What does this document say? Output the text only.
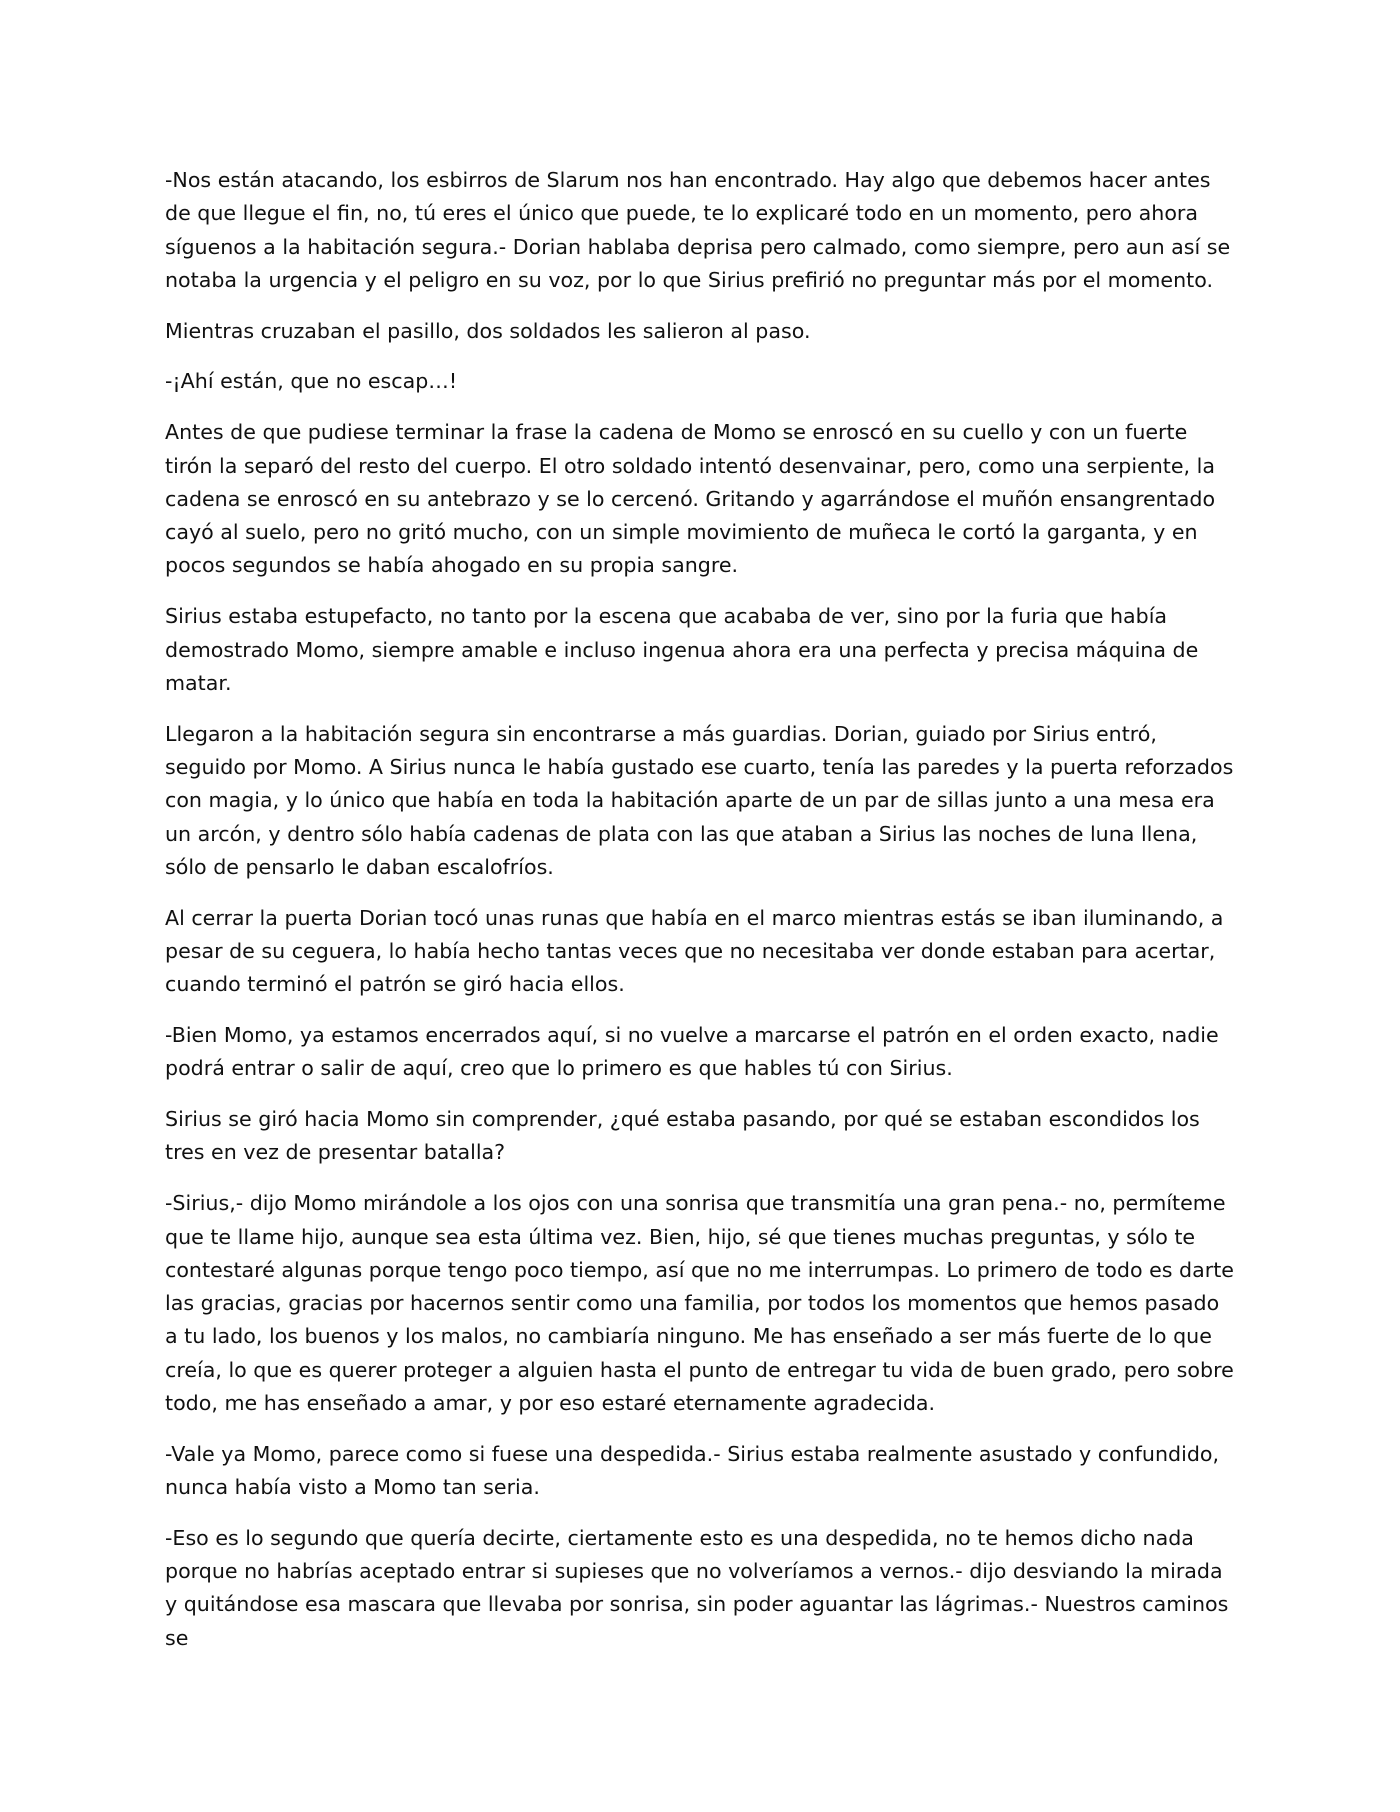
-Nos están atacando, los esbirros de Slarum nos han encontrado. Hay algo que debemos hacer antes de que llegue el fin, no, tú eres el único que puede, te lo explicaré todo en un momento, pero ahora síguenos a la habitación segura.- Dorian hablaba deprisa pero calmado, como siempre, pero aun así se notaba la urgencia y el peligro en su voz, por lo que Sirius prefirió no preguntar más por el momento.

Mientras cruzaban el pasillo, dos soldados les salieron al paso.

-¡Ahí están, que no escap…!

Antes de que pudiese terminar la frase la cadena de Momo se enroscó en su cuello y con un fuerte tirón la separó del resto del cuerpo. El otro soldado intentó desenvainar, pero, como una serpiente, la cadena se enroscó en su antebrazo y se lo cercenó. Gritando y agarrándose el muñón ensangrentado cayó al suelo, pero no gritó mucho, con un simple movimiento de muñeca le cortó la garganta, y en pocos segundos se había ahogado en su propia sangre.

Sirius estaba estupefacto, no tanto por la escena que acababa de ver, sino por la furia que había demostrado Momo, siempre amable e incluso ingenua ahora era una perfecta y precisa máquina de matar.

Llegaron a la habitación segura sin encontrarse a más guardias. Dorian, guiado por Sirius entró, seguido por Momo. A Sirius nunca le había gustado ese cuarto, tenía las paredes y la puerta reforzados con magia, y lo único que había en toda la habitación aparte de un par de sillas junto a una mesa era un arcón, y dentro sólo había cadenas de plata con las que ataban a Sirius las noches de luna llena, sólo de pensarlo le daban escalofríos.

Al cerrar la puerta Dorian tocó unas runas que había en el marco mientras estás se iban iluminando, a pesar de su ceguera, lo había hecho tantas veces que no necesitaba ver donde estaban para acertar, cuando terminó el patrón se giró hacia ellos.

-Bien Momo, ya estamos encerrados aquí, si no vuelve a marcarse el patrón en el orden exacto, nadie podrá entrar o salir de aquí, creo que lo primero es que hables tú con Sirius.

Sirius se giró hacia Momo sin comprender, ¿qué estaba pasando, por qué se estaban escondidos los tres en vez de presentar batalla?

-Sirius,- dijo Momo mirándole a los ojos con una sonrisa que transmitía una gran pena.- no, permíteme que te llame hijo, aunque sea esta última vez. Bien, hijo, sé que tienes muchas preguntas, y sólo te contestaré algunas porque tengo poco tiempo, así que no me interrumpas. Lo primero de todo es darte las gracias, gracias por hacernos sentir como una familia, por todos los momentos que hemos pasado a tu lado, los buenos y los malos, no cambiaría ninguno. Me has enseñado a ser más fuerte de lo que creía, lo que es querer proteger a alguien hasta el punto de entregar tu vida de buen grado, pero sobre todo, me has enseñado a amar, y por eso estaré eternamente agradecida.

-Vale ya Momo, parece como si fuese una despedida.- Sirius estaba realmente asustado y confundido, nunca había visto a Momo tan seria.

-Eso es lo segundo que quería decirte, ciertamente esto es una despedida, no te hemos dicho nada porque no habrías aceptado entrar si supieses que no volveríamos a vernos.- dijo desviando la mirada y quitándose esa mascara que llevaba por sonrisa, sin poder aguantar las lágrimas.- Nuestros caminos se
